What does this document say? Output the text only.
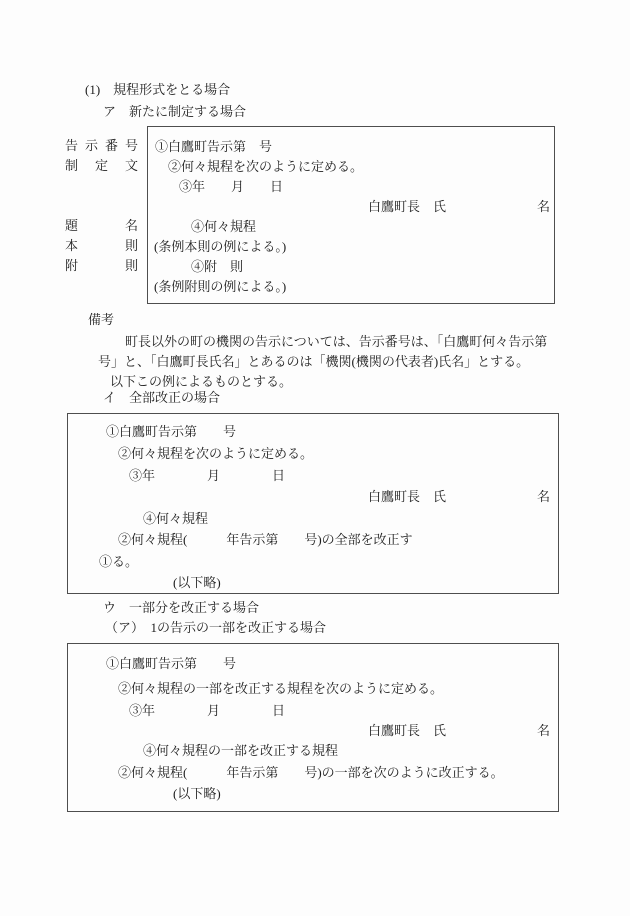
(1)　規程形式をとる場合
ア　新たに制定する場合
告示番号
制定文
題名
本則
附則
①白鷹町告示第　号
②何々規程を次のように定める。
③年　　月　　日
白鷹町長　氏　　　　　　　名
④何々規程
(条例本則の例による。)
④附　則
(条例附則の例による。)
備考
町長以外の町の機関の告示については、告示番号は、「白鷹町何々告示第
号」と、「白鷹町長氏名」とあるのは「機関(機関の代表者)氏名」とする。
以下この例によるものとする。
イ　全部改正の場合
①白鷹町告示第　　号
②何々規程を次のように定める。
③年　　　　月　　　　日
白鷹町長　氏　　　　　　　名
④何々規程
②何々規程(　　　年告示第　　号)の全部を改正す
①る。
(以下略)
ウ　一部分を改正する場合
（ア）　1の告示の一部を改正する場合
①白鷹町告示第　　号
②何々規程の一部を改正する規程を次のように定める。
③年　　　　月　　　　日
白鷹町長　氏　　　　　　　名
④何々規程の一部を改正する規程
②何々規程(　　　年告示第　　号)の一部を次のように改正する。
(以下略)
